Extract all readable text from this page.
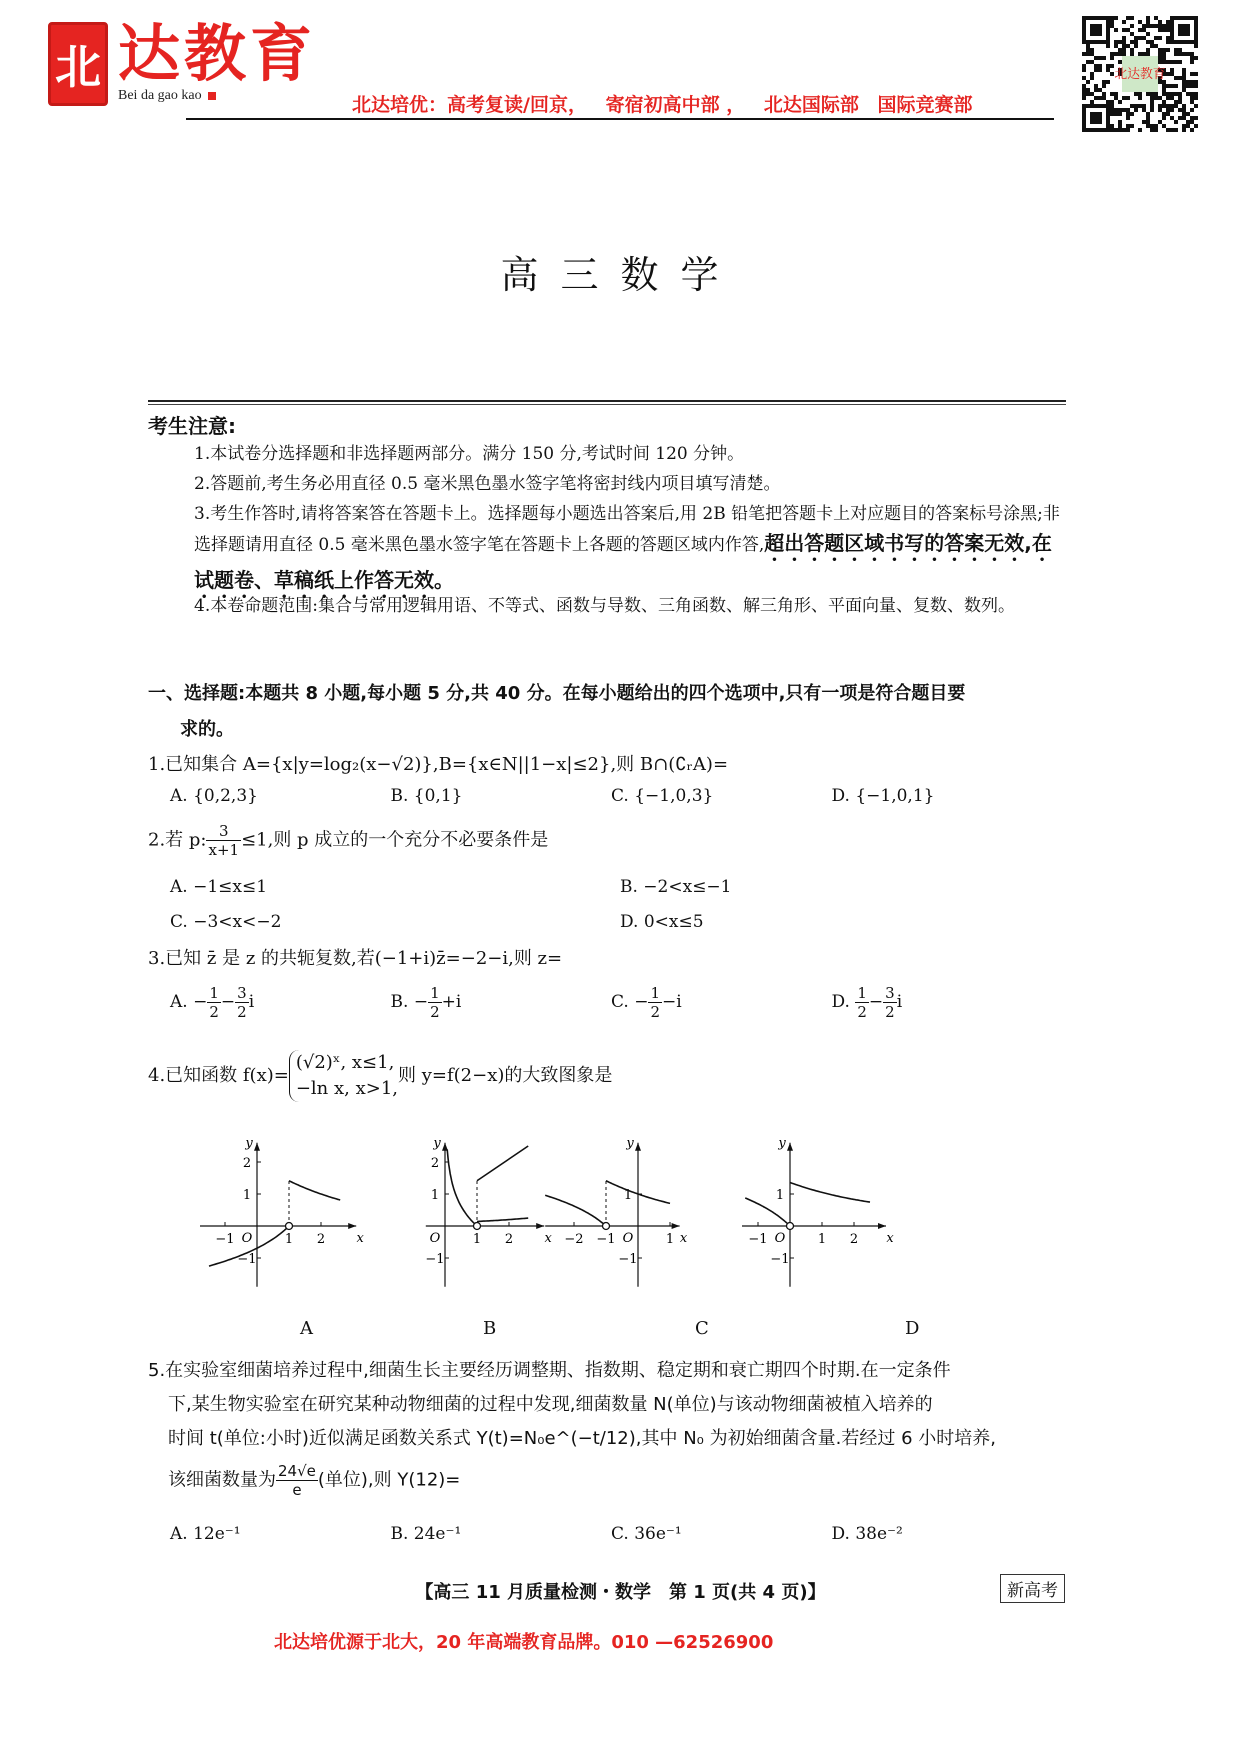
北 达教育
Bei da gao kao	北达培优：高考复读/回京， 寄宿初高中部 ， 北达国际部 国际竞赛部
北达教育
高三数学
考生注意:
1.本试卷分选择题和非选择题两部分。满分 150 分,考试时间 120 分钟。
2.答题前,考生务必用直径 0.5 毫米黑色墨水签字笔将密封线内项目填写清楚。
3.考生作答时,请将答案答在答题卡上。选择题每小题选出答案后,用 2B 铅笔把答题卡上对应题目的答案标号涂黑;非选择题请用直径 0.5 毫米黑色墨水签字笔在答题卡上各题的答题区域内作答,超出答题区域书写的答案无效,在试题卷、草稿纸上作答无效。
4.本卷命题范围:集合与常用逻辑用语、不等式、函数与导数、三角函数、解三角形、平面向量、复数、数列。
一、选择题:本题共 8 小题,每小题 5 分,共 40 分。在每小题给出的四个选项中,只有一项是符合题目要
求的。
1.已知集合 A={x|y=log₂(x−√2)},B={x∈N||1−x|≤2},则 B∩(∁ᵣA)=
A. {0,2,3}	B. {0,1}	C. {−1,0,3}	D. {−1,0,1}
2.若 p: $\frac{3}{x+1} \le 1$,则 p 成立的一个充分不必要条件是
A. −1≤x≤1	B. −2<x≤−1
C. −3<x<−2	D. 0<x≤5
3.已知 z̄ 是 z 的共轭复数,若(−1+i)z̄=−2−i,则 z=
A. − $\frac{1}{2} - \frac{3}{2}$ i	B. − $\frac{1}{2} +i$	C. − $\frac{1}{2} -i$	D. $\frac{1}{2} - \frac{3}{2}$ i
4.已知函数 f(x)=
(√2)ˣ, x≤1,
−ln x, x>1,
则 y=f(2−x)的大致图象是
x
y
O
−1	1 2
2
1
−1
x
y
O	1 2
2
1
−1
x
y
O
−2 −1	1
1
−1
x
y
O
−1	1 2
1
−1
A	B	C	D
5.在实验室细菌培养过程中,细菌生长主要经历调整期、指数期、稳定期和衰亡期四个时期.在一定条件
下,某生物实验室在研究某种动物细菌的过程中发现,细菌数量 N(单位)与该动物细菌被植入培养的
时间 t(单位:小时)近似满足函数关系式 Y(t)=N₀e^(−t/12),其中 N₀ 为初始细菌含量.若经过 6 小时培养,
该细菌数量为 $\frac{24√e}{e}$ (单位),则 Y(12)=
A. 12e⁻¹	B. 24e⁻¹	C. 36e⁻¹	D. 38e⁻²
【高三 11 月质量检测・数学　第 1 页(共 4 页)】	新高考
北达培优源于北大，20 年高端教育品牌。010 —62526900
